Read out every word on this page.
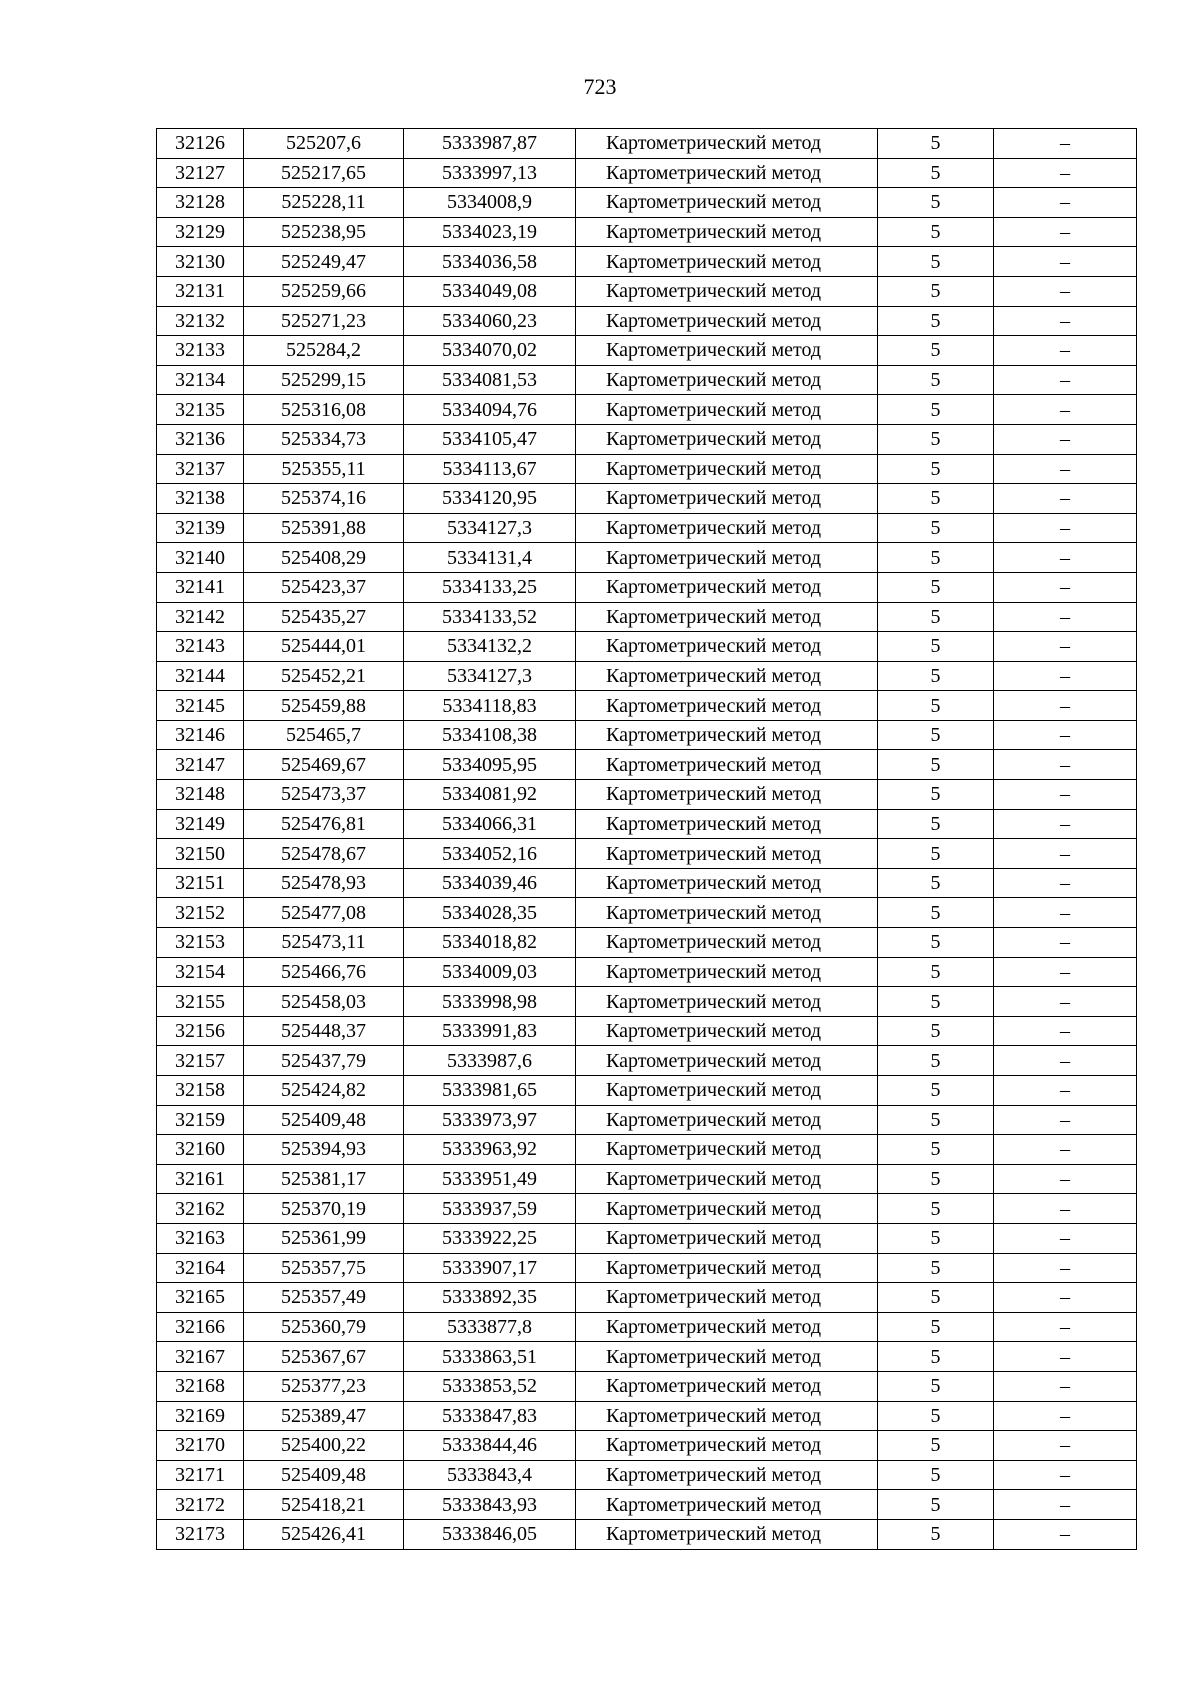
723
32126	525207,6	5333987,87	Картометрический метод	5	–
32127	525217,65	5333997,13	Картометрический метод	5	–
32128	525228,11	5334008,9	Картометрический метод	5	–
32129	525238,95	5334023,19	Картометрический метод	5	–
32130	525249,47	5334036,58	Картометрический метод	5	–
32131	525259,66	5334049,08	Картометрический метод	5	–
32132	525271,23	5334060,23	Картометрический метод	5	–
32133	525284,2	5334070,02	Картометрический метод	5	–
32134	525299,15	5334081,53	Картометрический метод	5	–
32135	525316,08	5334094,76	Картометрический метод	5	–
32136	525334,73	5334105,47	Картометрический метод	5	–
32137	525355,11	5334113,67	Картометрический метод	5	–
32138	525374,16	5334120,95	Картометрический метод	5	–
32139	525391,88	5334127,3	Картометрический метод	5	–
32140	525408,29	5334131,4	Картометрический метод	5	–
32141	525423,37	5334133,25	Картометрический метод	5	–
32142	525435,27	5334133,52	Картометрический метод	5	–
32143	525444,01	5334132,2	Картометрический метод	5	–
32144	525452,21	5334127,3	Картометрический метод	5	–
32145	525459,88	5334118,83	Картометрический метод	5	–
32146	525465,7	5334108,38	Картометрический метод	5	–
32147	525469,67	5334095,95	Картометрический метод	5	–
32148	525473,37	5334081,92	Картометрический метод	5	–
32149	525476,81	5334066,31	Картометрический метод	5	–
32150	525478,67	5334052,16	Картометрический метод	5	–
32151	525478,93	5334039,46	Картометрический метод	5	–
32152	525477,08	5334028,35	Картометрический метод	5	–
32153	525473,11	5334018,82	Картометрический метод	5	–
32154	525466,76	5334009,03	Картометрический метод	5	–
32155	525458,03	5333998,98	Картометрический метод	5	–
32156	525448,37	5333991,83	Картометрический метод	5	–
32157	525437,79	5333987,6	Картометрический метод	5	–
32158	525424,82	5333981,65	Картометрический метод	5	–
32159	525409,48	5333973,97	Картометрический метод	5	–
32160	525394,93	5333963,92	Картометрический метод	5	–
32161	525381,17	5333951,49	Картометрический метод	5	–
32162	525370,19	5333937,59	Картометрический метод	5	–
32163	525361,99	5333922,25	Картометрический метод	5	–
32164	525357,75	5333907,17	Картометрический метод	5	–
32165	525357,49	5333892,35	Картометрический метод	5	–
32166	525360,79	5333877,8	Картометрический метод	5	–
32167	525367,67	5333863,51	Картометрический метод	5	–
32168	525377,23	5333853,52	Картометрический метод	5	–
32169	525389,47	5333847,83	Картометрический метод	5	–
32170	525400,22	5333844,46	Картометрический метод	5	–
32171	525409,48	5333843,4	Картометрический метод	5	–
32172	525418,21	5333843,93	Картометрический метод	5	–
32173	525426,41	5333846,05	Картометрический метод	5	–
